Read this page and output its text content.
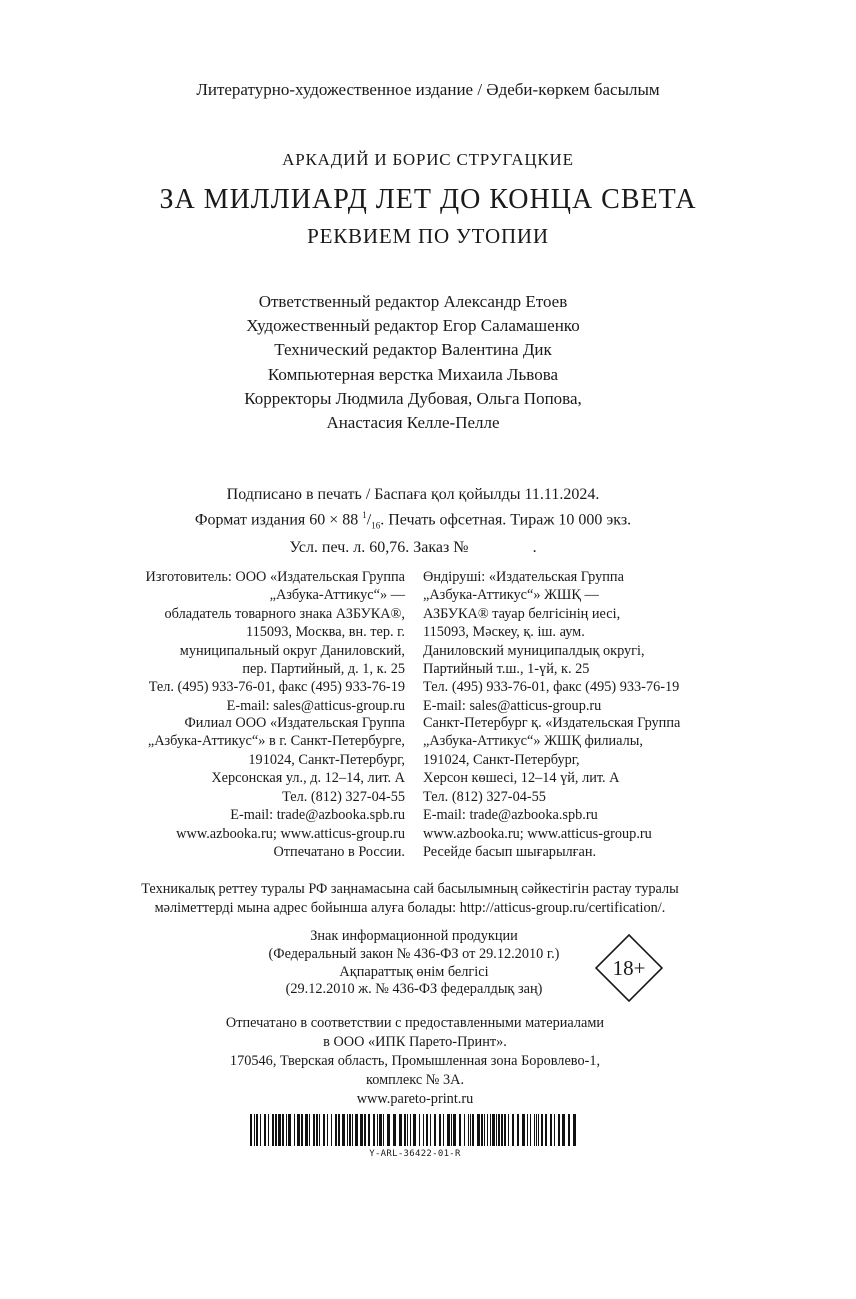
Литературно-художественное издание / Әдеби-көркем басылым
АРКАДИЙ И БОРИС СТРУГАЦКИЕ
ЗА МИЛЛИАРД ЛЕТ ДО КОНЦА СВЕТА
РЕКВИЕМ ПО УТОПИИ
Ответственный редактор Александр Етоев
Художественный редактор Егор Саламашенко
Технический редактор Валентина Дик
Компьютерная верстка Михаила Львова
Корректоры Людмила Дубовая, Ольга Попова,
Анастасия Келле-Пелле
Подписано в печать / Баспаға қол қойылды 11.11.2024.
Формат издания 60 × 88 $^1/_{16}$. Печать офсетная. Тираж 10 000 экз.
Усл. печ. л. 60,76. Заказ №	.
Изготовитель: ООО «Издательская Группа
„Азбука-Аттикус“» —
обладатель товарного знака АЗБУКА®,
115093, Москва, вн. тер. г.
муниципальный округ Даниловский,
пер. Партийный, д. 1, к. 25
Тел. (495) 933-76-01, факс (495) 933-76-19
E-mail: sales@atticus-group.ru
Өндіруші: «Издательская Группа
„Азбука-Аттикус“» ЖШҚ —
АЗБУКА® тауар белгісінің иесі,
115093, Мәскеу, қ. іш. аум.
Даниловский муниципалдық округі,
Партийный т.ш., 1-үй, к. 25
Тел. (495) 933-76-01, факс (495) 933-76-19
E-mail: sales@atticus-group.ru
Филиал ООО «Издательская Группа
„Азбука-Аттикус“» в г. Санкт-Петербурге,
191024, Санкт-Петербург,
Херсонская ул., д. 12–14, лит. А
Тел. (812) 327-04-55
E-mail: trade@azbooka.spb.ru
Санкт-Петербург қ. «Издательская Группа
„Азбука-Аттикус“» ЖШҚ филиалы,
191024, Санкт-Петербург,
Херсон көшесі, 12–14 үй, лит. А
Тел. (812) 327-04-55
E-mail: trade@azbooka.spb.ru
www.azbooka.ru; www.atticus-group.ru
Отпечатано в России.
www.azbooka.ru; www.atticus-group.ru
Ресейде басып шығарылған.
Техникалық реттеу туралы РФ заңнамасына сай басылымның сәйкестігін растау туралы
мәліметтерді мына адрес бойынша алуға болады: http://atticus-group.ru/certification/.
Знак информационной продукции
(Федеральный закон № 436-ФЗ от 29.12.2010 г.)
Ақпараттық өнім белгісі
(29.12.2010 ж. № 436-ФЗ федералдық заң)
18+
Отпечатано в соответствии с предоставленными материалами
в ООО «ИПК Парето-Принт».
170546, Тверская область, Промышленная зона Боровлево-1,
комплекс № 3А.
www.pareto-print.ru
Y-ARL-36422-01-R
